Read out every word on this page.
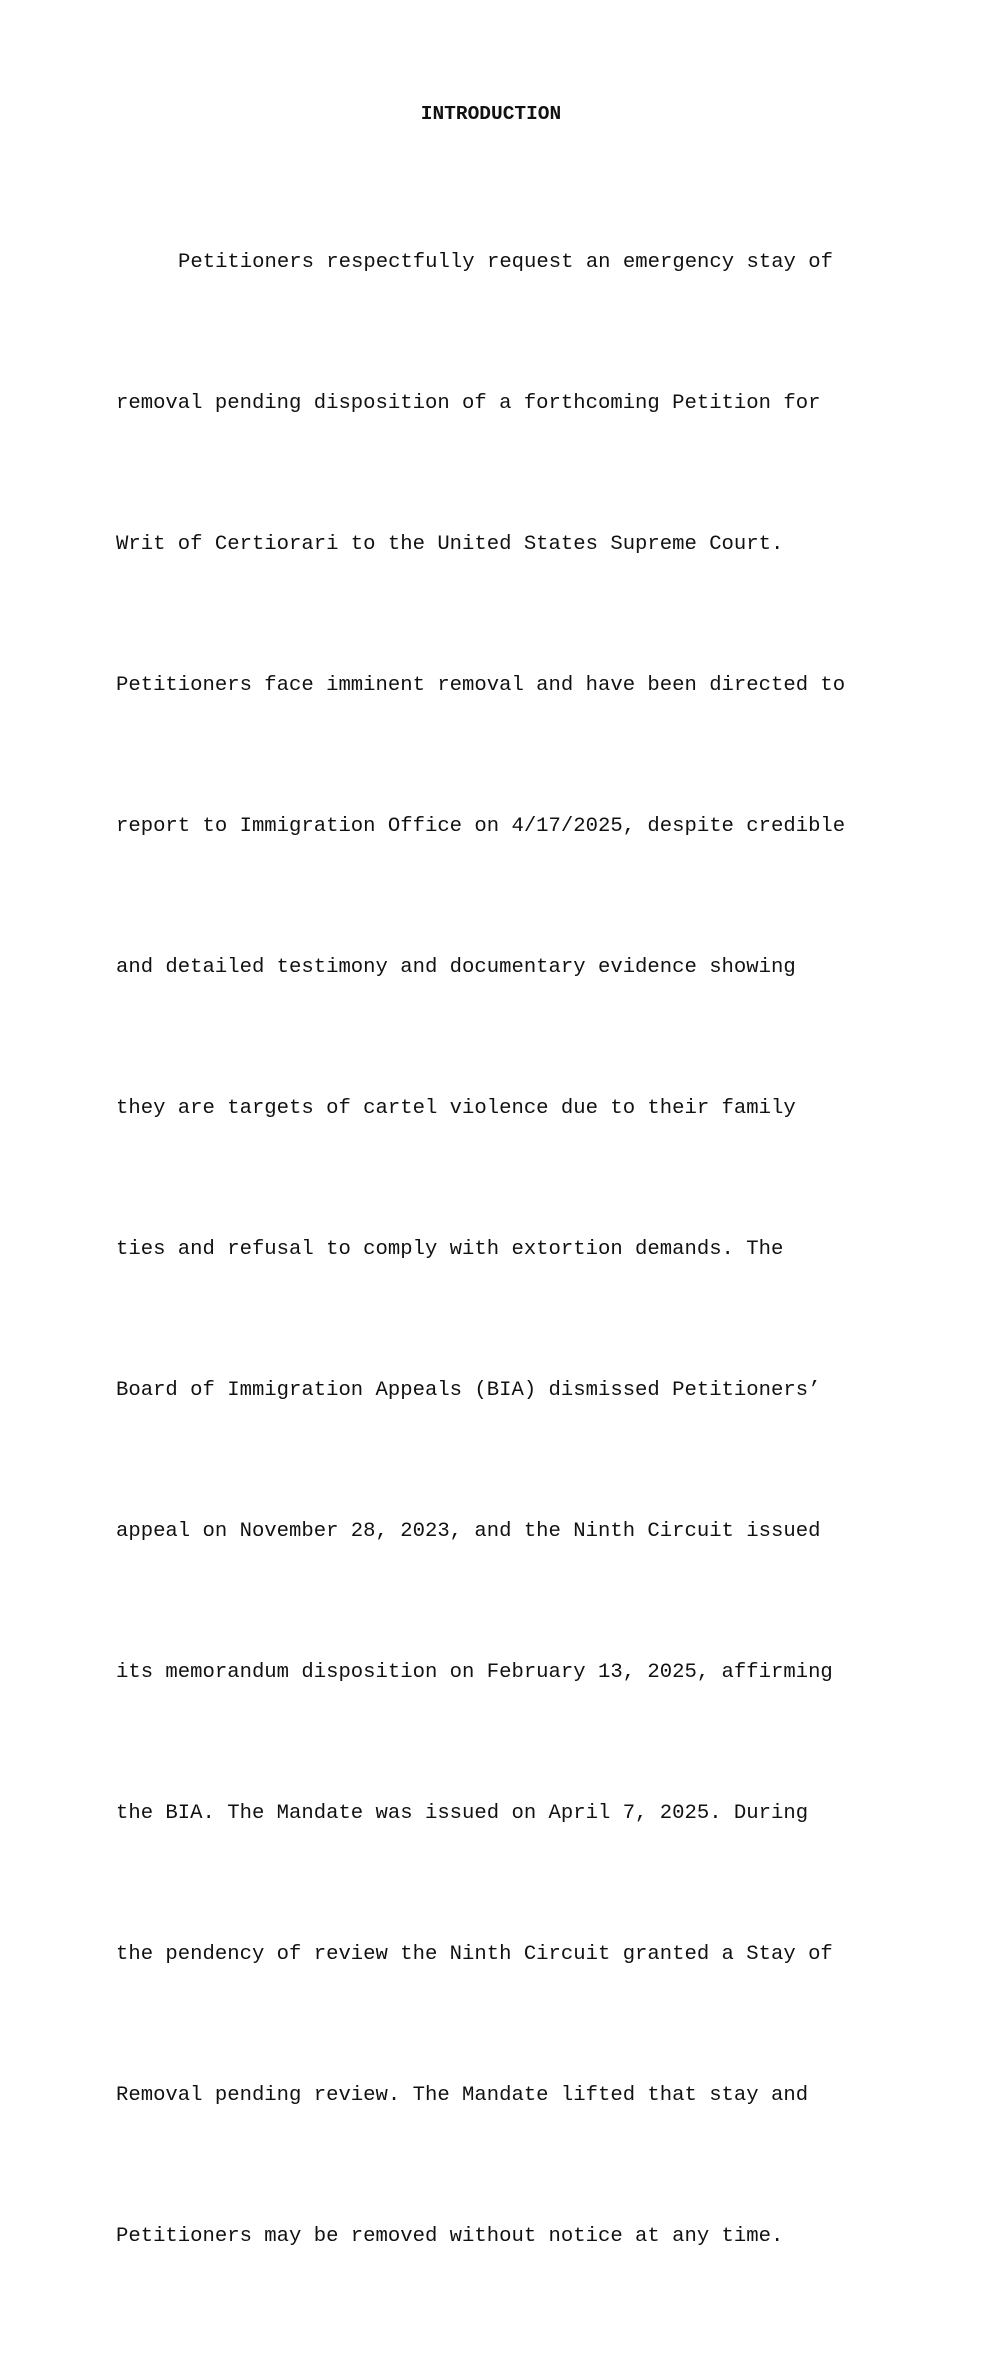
INTRODUCTION

Petitioners respectfully request an emergency stay of

removal pending disposition of a forthcoming Petition for

Writ of Certiorari to the United States Supreme Court.

Petitioners face imminent removal and have been directed to

report to Immigration Office on 4/17/2025, despite credible

and detailed testimony and documentary evidence showing

they are targets of cartel violence due to their family

ties and refusal to comply with extortion demands. The

Board of Immigration Appeals (BIA) dismissed Petitioners’

appeal on November 28, 2023, and the Ninth Circuit issued

its memorandum disposition on February 13, 2025, affirming

the BIA. The Mandate was issued on April 7, 2025. During

the pendency of review the Ninth Circuit granted a Stay of

Removal pending review. The Mandate lifted that stay and

Petitioners may be removed without notice at any time.
